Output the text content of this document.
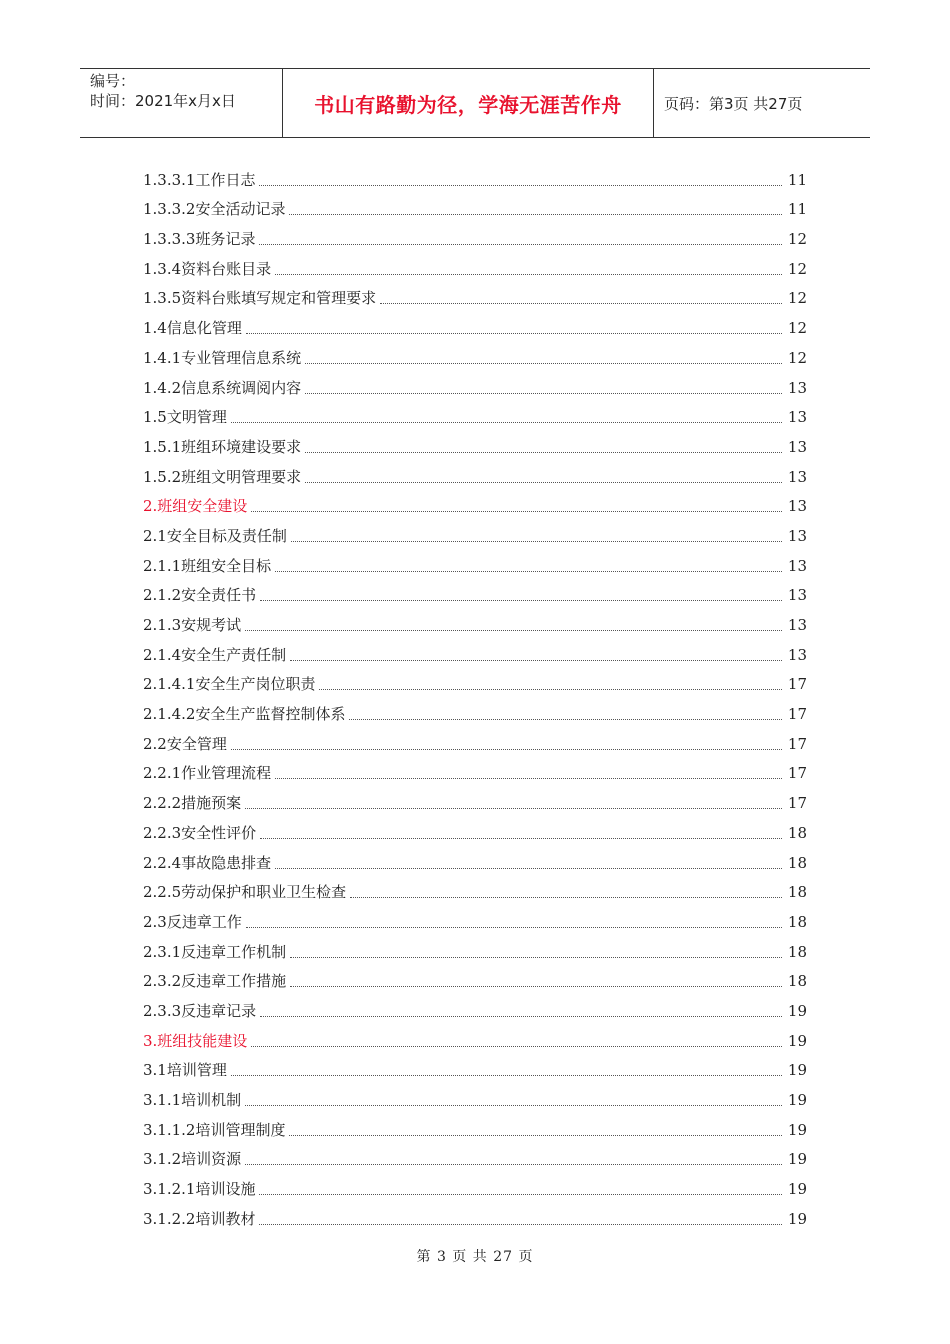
编号：
时间：2021年x月x日	书山有路勤为径，学海无涯苦作舟	页码：第3页 共27页
1.3.3.1工作日志	11
1.3.3.2安全活动记录	11
1.3.3.3班务记录	12
1.3.4资料台账目录	12
1.3.5资料台账填写规定和管理要求	12
1.4信息化管理	12
1.4.1专业管理信息系统	12
1.4.2信息系统调阅内容	13
1.5文明管理	13
1.5.1班组环境建设要求	13
1.5.2班组文明管理要求	13
2.班组安全建设	13
2.1安全目标及责任制	13
2.1.1班组安全目标	13
2.1.2安全责任书	13
2.1.3安规考试	13
2.1.4安全生产责任制	13
2.1.4.1安全生产岗位职责	17
2.1.4.2安全生产监督控制体系	17
2.2安全管理	17
2.2.1作业管理流程	17
2.2.2措施预案	17
2.2.3安全性评价	18
2.2.4事故隐患排查	18
2.2.5劳动保护和职业卫生检查	18
2.3反违章工作	18
2.3.1反违章工作机制	18
2.3.2反违章工作措施	18
2.3.3反违章记录	19
3.班组技能建设	19
3.1培训管理	19
3.1.1培训机制	19
3.1.1.2培训管理制度	19
3.1.2培训资源	19
3.1.2.1培训设施	19
3.1.2.2培训教材	19
第 3 页 共 27 页
